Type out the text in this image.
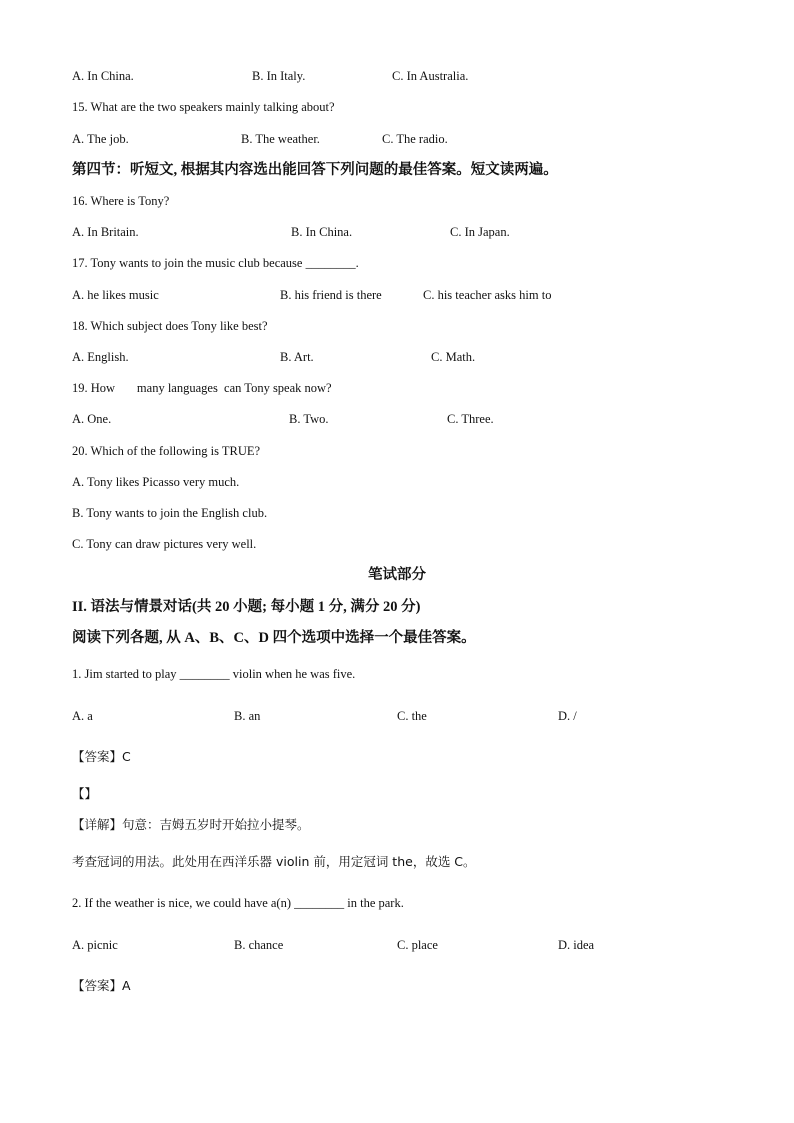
A. In China.	B. In Italy.	C. In Australia.
15. What are the two speakers mainly talking about?
A. The job.	B. The weather.	C. The radio.
第四节：听短文, 根据其内容选出能回答下列问题的最佳答案。短文读两遍。
16. Where is Tony?
A. In Britain.	B. In China.	C. In Japan.
17. Tony wants to join the music club because ________.
A. he likes music	B. his friend is there	C. his teacher asks him to
18. Which subject does Tony like best?
A. English.	B. Art.	C. Math.
19. How       many languages  can Tony speak now?
A. One.	B. Two.	C. Three.
20. Which of the following is TRUE?
A. Tony likes Picasso very much.
B. Tony wants to join the English club.
C. Tony can draw pictures very well.
笔试部分
II. 语法与情景对话(共 20 小题; 每小题 1 分, 满分 20 分)
阅读下列各题, 从 A、B、C、D 四个选项中选择一个最佳答案。
1. Jim started to play ________ violin when he was five.
A. a	B. an	C. the	D. /
【答案】C
【】
【详解】句意：吉姆五岁时开始拉小提琴。
考查冠词的用法。此处用在西洋乐器 violin 前，用定冠词 the，故选 C。
2. If the weather is nice, we could have a(n) ________ in the park.
A. picnic	B. chance	C. place	D. idea
【答案】A
